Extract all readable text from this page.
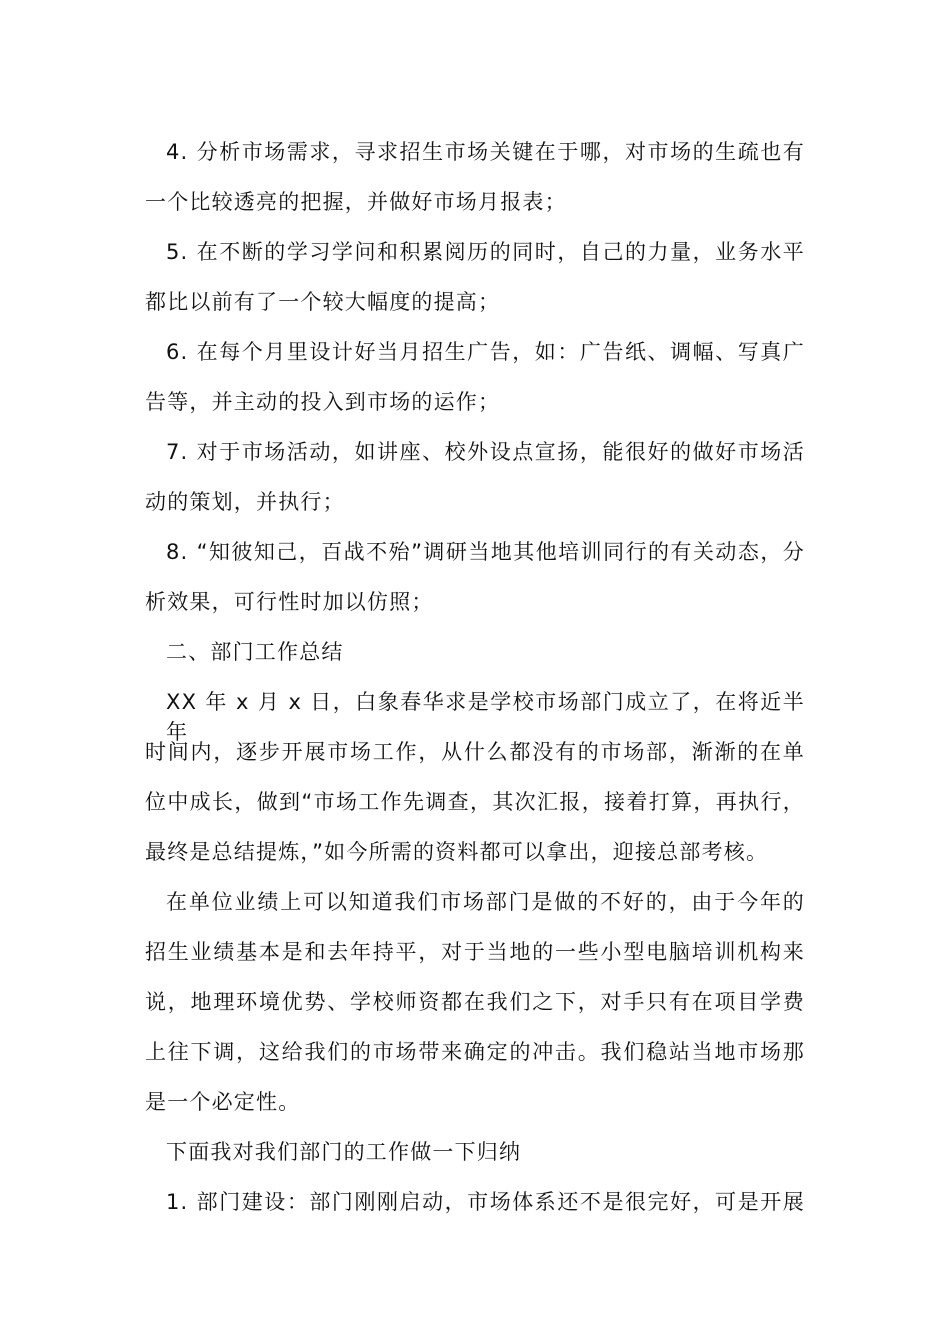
4. 分析市场需求，寻求招生市场关键在于哪，对市场的生疏也有
一个比较透亮的把握，并做好市场月报表；
5. 在不断的学习学问和积累阅历的同时，自己的力量，业务水平
都比以前有了一个较大幅度的提高；
6. 在每个月里设计好当月招生广告，如：广告纸、调幅、写真广
告等，并主动的投入到市场的运作；
7. 对于市场活动，如讲座、校外设点宣扬，能很好的做好市场活
动的策划，并执行；
8. “知彼知己，百战不殆”调研当地其他培训同行的有关动态，分
析效果，可行性时加以仿照；
二、部门工作总结
XX 年 x 月 x 日，白象春华求是学校市场部门成立了，在将近半年
时间内，逐步开展市场工作，从什么都没有的市场部，渐渐的在单
位中成长，做到“市场工作先调查，其次汇报，接着打算，再执行，
最终是总结提炼，”如今所需的资料都可以拿出，迎接总部考核。
在单位业绩上可以知道我们市场部门是做的不好的，由于今年的
招生业绩基本是和去年持平，对于当地的一些小型电脑培训机构来
说，地理环境优势、学校师资都在我们之下，对手只有在项目学费
上往下调，这给我们的市场带来确定的冲击。我们稳站当地市场那
是一个必定性。
下面我对我们部门的工作做一下归纳
1. 部门建设：部门刚刚启动，市场体系还不是很完好，可是开展
